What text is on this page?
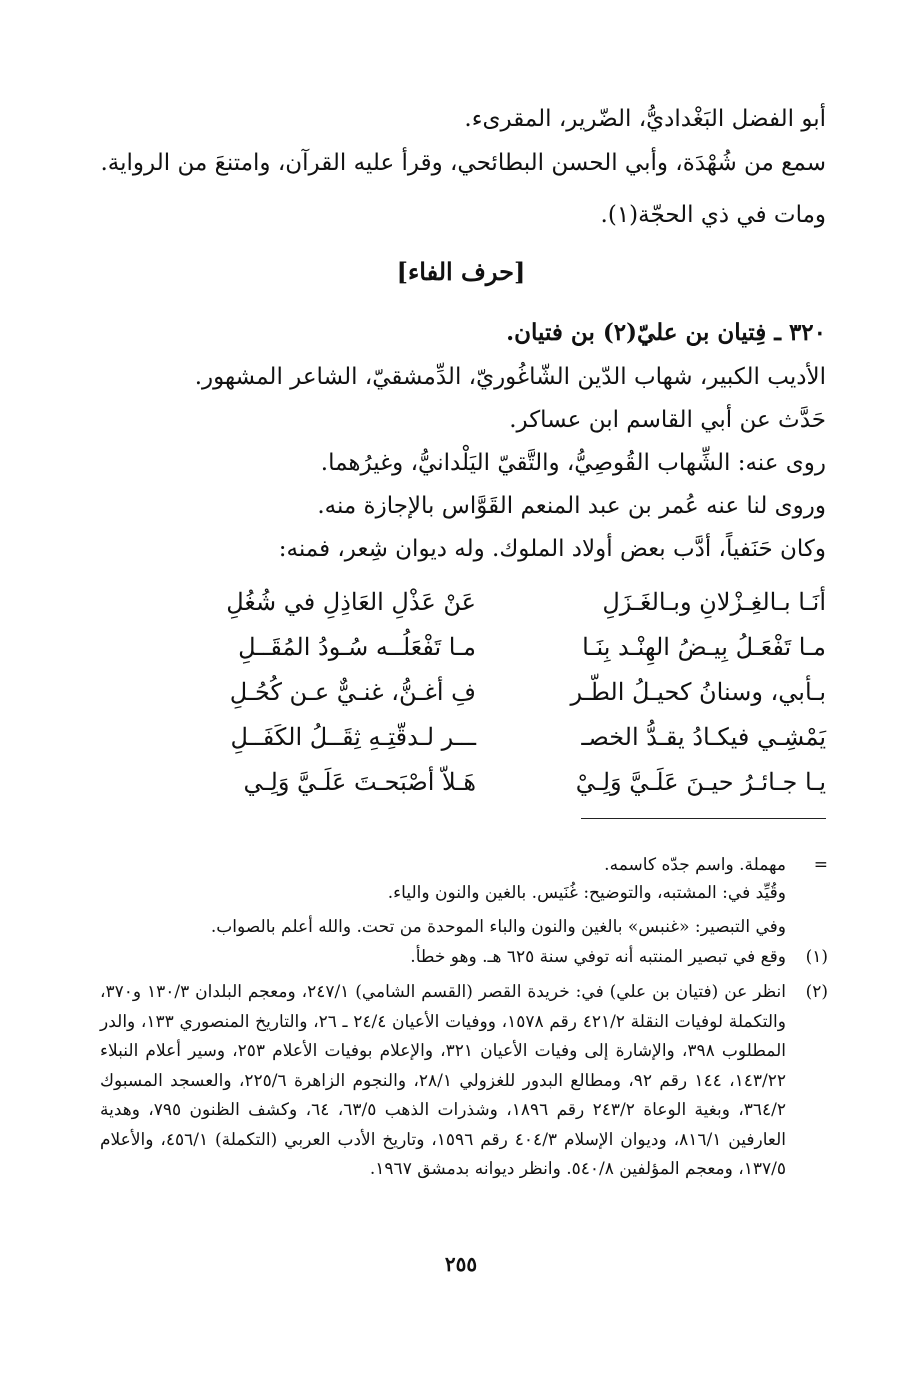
أبو الفضل البَغْداديُّ، الضّرير، المقرىء.
سمع من شُهْدَة، وأبي الحسن البطائحي، وقرأ عليه القرآن، وامتنعَ من الرواية.
ومات في ذي الحجّة(١).
[حرف الفاء]
٣٢٠ ـ فِتيان بن عليّ(٢) بن فتيان.
الأديب الكبير، شهاب الدّين الشّاغُوريّ، الدِّمشقيّ، الشاعر المشهور.
حَدَّث عن أبي القاسم ابن عساكر.
روى عنه: الشِّهاب القُوصِيُّ، والتَّقيّ اليَلْدانيُّ، وغيرُهما.
وروى لنا عنه عُمر بن عبد المنعم القَوَّاس بالإجازة منه.
وكان حَنَفياً، أدَّب بعض أولاد الملوك. وله ديوان شِعر، فمنه:
أنَـا بـالغِـزْلانِ وبـالغَـزَلِ
عَنْ عَذْلِ العَاذِلِ في شُغُلِ
مـا تَفْعَـلُ بِيـضُ الهِنْـد بِنَـا
مـا تَفْعَلُــه سُـودُ المُقَــلِ
بـأبي، وسنانُ كحيـلُ الطّـر
فِ أغـنُّ، غنـيٌّ عـن كُحُـلِ
يَمْشِـي فيكـادُ يقـدُّ الخصـ
ـــر لـدقّتِـهِ ثِقَــلُ الكَفَــلِ
يـا جـائـرُ حيـنَ عَلَـيَّ وَلِـيْ
هَـلاّ أصْبَحـتَ عَلَـيَّ وَلِـي
=
مهملة. واسم جدّه كاسمه.
وقُيِّد في: المشتبه، والتوضيح: غُنَيس. بالغين والنون والياء.
وفي التبصير: «غنبس» بالغين والنون والباء الموحدة من تحت. والله أعلم بالصواب.
(١)
وقع في تبصير المنتبه أنه توفي سنة ٦٢٥ هـ. وهو خطأ.
(٢)
انظر عن (فتيان بن علي) في: خريدة القصر (القسم الشامي) ٢٤٧/١، ومعجم البلدان ١٣٠/٣ و٣٧٠، والتكملة لوفيات النقلة ٤٢١/٢ رقم ١٥٧٨، ووفيات الأعيان ٢٤/٤ ـ ٢٦، والتاريخ المنصوري ١٣٣، والدر المطلوب ٣٩٨، والإشارة إلى وفيات الأعيان ٣٢١، والإعلام بوفيات الأعلام ٢٥٣، وسير أعلام النبلاء ١٤٣/٢٢، ١٤٤ رقم ٩٢، ومطالع البدور للغزولي ٢٨/١، والنجوم الزاهرة ٢٢٥/٦، والعسجد المسبوك ٣٦٤/٢، وبغية الوعاة ٢٤٣/٢ رقم ١٨٩٦، وشذرات الذهب ٦٣/٥، ٦٤، وكشف الظنون ٧٩٥، وهدية العارفين ٨١٦/١، وديوان الإسلام ٤٠٤/٣ رقم ١٥٩٦، وتاريخ الأدب العربي (التكملة) ٤٥٦/١، والأعلام ١٣٧/٥، ومعجم المؤلفين ٥٤٠/٨. وانظر ديوانه بدمشق ١٩٦٧.
٢٥٥
